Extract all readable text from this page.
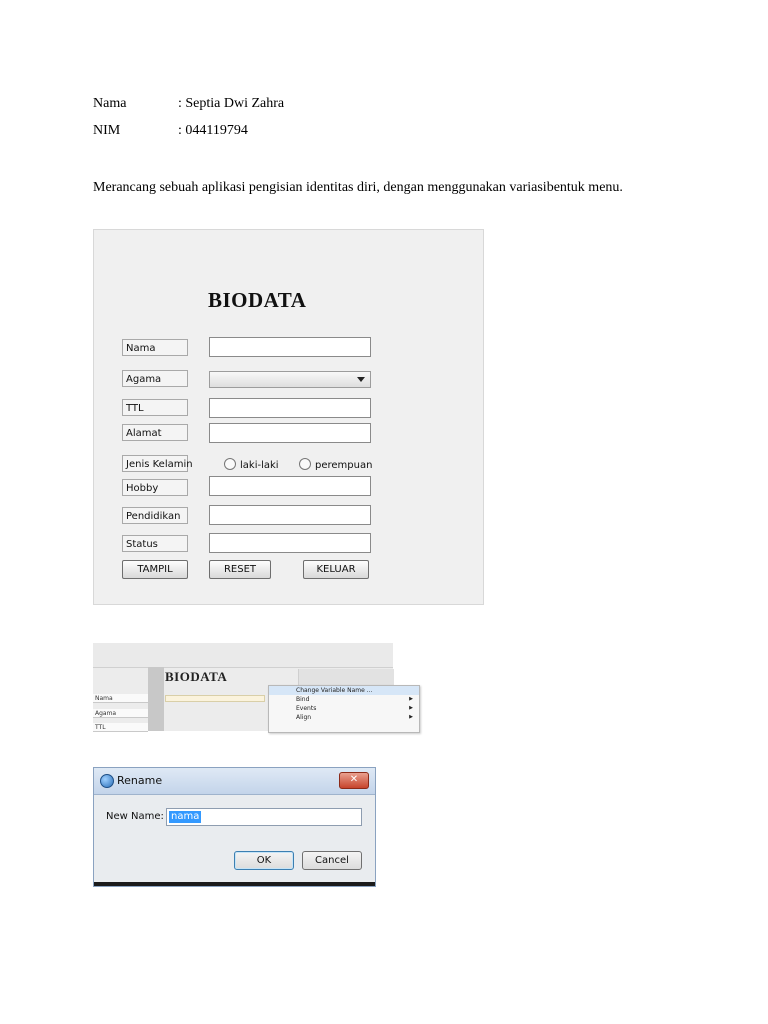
Nama	: Septia Dwi Zahra
NIM	: 044119794
Merancang sebuah aplikasi pengisian identitas diri, dengan menggunakan variasibentuk menu.
BIODATA
Nama
Agama
TTL
Alamat
Jenis Kelamin	laki-laki	perempuan
Hobby
Pendidikan
Status
TAMPIL	RESET	KELUAR
BIODATA
Nama
Agama
TTL
Change Variable Name ...
Bind	▶
Events	▶
Align	▶
Rename	✕
New Name: nama
OK	Cancel
